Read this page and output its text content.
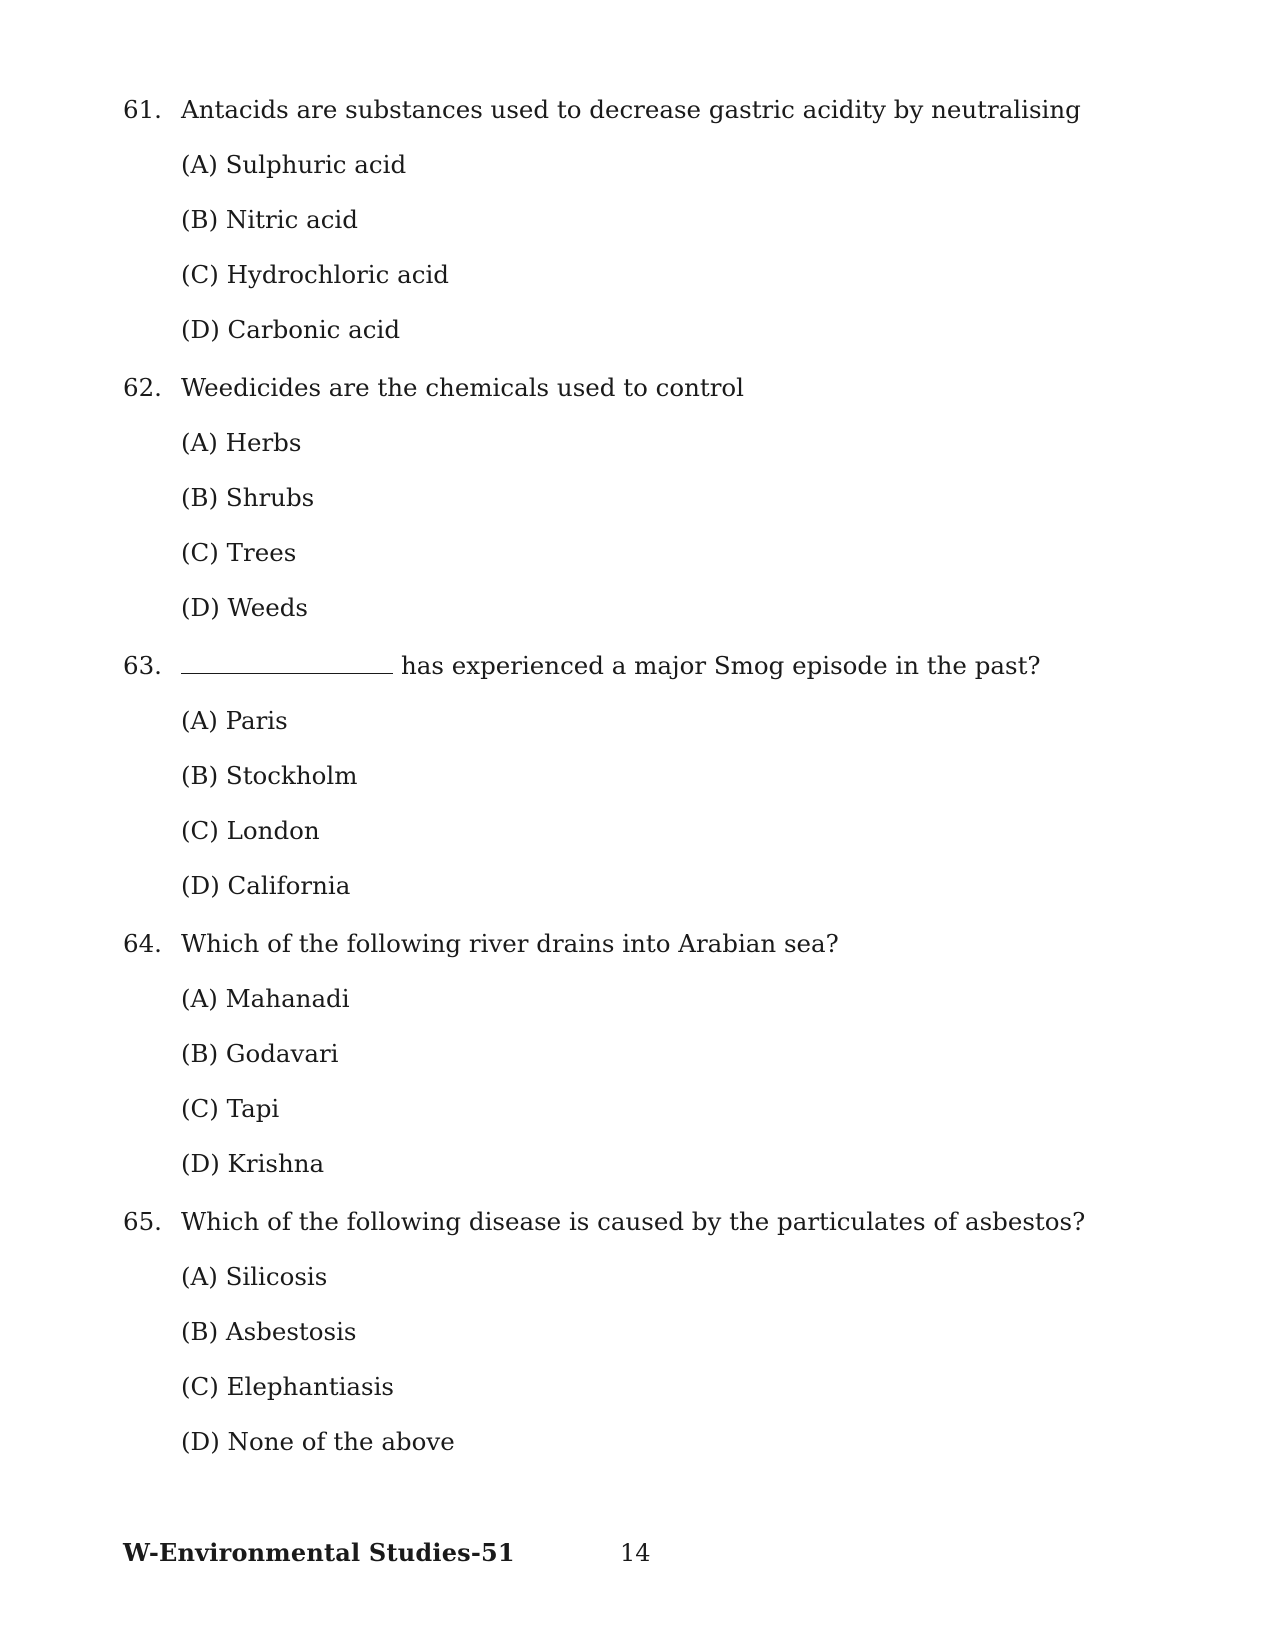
61. Antacids are substances used to decrease gastric acidity by neutralising
(A) Sulphuric acid
(B) Nitric acid
(C) Hydrochloric acid
(D) Carbonic acid
62. Weedicides are the chemicals used to control
(A) Herbs
(B) Shrubs
(C) Trees
(D) Weeds
63.	has experienced a major Smog episode in the past?
(A) Paris
(B) Stockholm
(C) London
(D) California
64. Which of the following river drains into Arabian sea?
(A) Mahanadi
(B) Godavari
(C) Tapi
(D) Krishna
65. Which of the following disease is caused by the particulates of asbestos?
(A) Silicosis
(B) Asbestosis
(C) Elephantiasis
(D) None of the above
W-Environmental Studies-51	14
